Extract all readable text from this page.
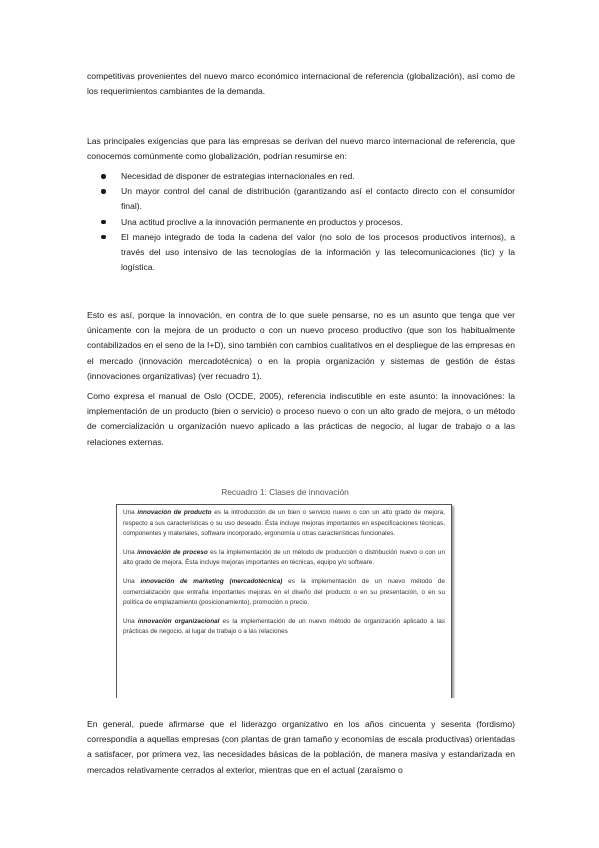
competitivas provenientes del nuevo marco económico internacional de referencia (globalización), así como de los requerimientos cambiantes de la demanda.

Las principales exigencias que para las empresas se derivan del nuevo marco internacional de referencia, que conocemos comúnmente como globalización, podrían resumirse en:

Necesidad de disponer de estrategias internacionales en red.
Un mayor control del canal de distribución (garantizando así el contacto directo con el consumidor final).
Una actitud proclive a la innovación permanente en productos y procesos.
El manejo integrado de toda la cadena del valor (no solo de los procesos productivos internos), a través del uso intensivo de las tecnologías de la información y las telecomunicaciones (tic) y la logística.

Esto es así, porque la innovación, en contra de lo que suele pensarse, no es un asunto que tenga que ver únicamente con la mejora de un producto o con un nuevo proceso productivo (que son los habitualmente contabilizados en el seno de la I+D), sino también con cambios cualitativos en el despliegue de las empresas en el mercado (innovación mercadotécnica) o en la propia organización y sistemas de gestión de éstas (innovaciones organizativas) (ver recuadro 1).

Como expresa el manual de Oslo (OCDE, 2005), referencia indiscutible en este asunto: la innovaciónes: la implementación de un producto (bien o servicio) o proceso nuevo o con un alto grado de mejora, o un método de comercialización u organización nuevo aplicado a las prácticas de negocio, al lugar de trabajo o a las relaciones externas.

Recuadro 1: Clases de innovación

Una innovación de producto es la introducción de un bien o servicio nuevo o con un alto grado de mejora, respecto a sus características o su uso deseado. Ésta incluye mejoras importantes en especificaciones técnicas, componentes y materiales, software incorporado, ergonomía u otras características funcionales.

Una innovación de proceso es la implementación de un método de producción o distribución nuevo o con un alto grado de mejora. Ésta incluye mejoras importantes en técnicas, equipo y/o software.

Una innovación de marketing (mercadotécnica) es la implementación de un nuevo método de comercialización que entraña importantes mejoras en el diseño del producto o en su presentación, o en su política de emplazamiento (posicionamiento), promoción o precio.

Una innovación organizacional es la implementación de un nuevo método de organización aplicado a las prácticas de negocio, al lugar de trabajo o a las relaciones

En general, puede afirmarse que el liderazgo organizativo en los años cincuenta y sesenta (fordismo) correspondía a aquellas empresas (con plantas de gran tamaño y economías de escala productivas) orientadas a satisfacer, por primera vez, las necesidades básicas de la población, de manera masiva y estandarizada en mercados relativamente cerrados al exterior, mientras que en el actual (zaraísmo o
